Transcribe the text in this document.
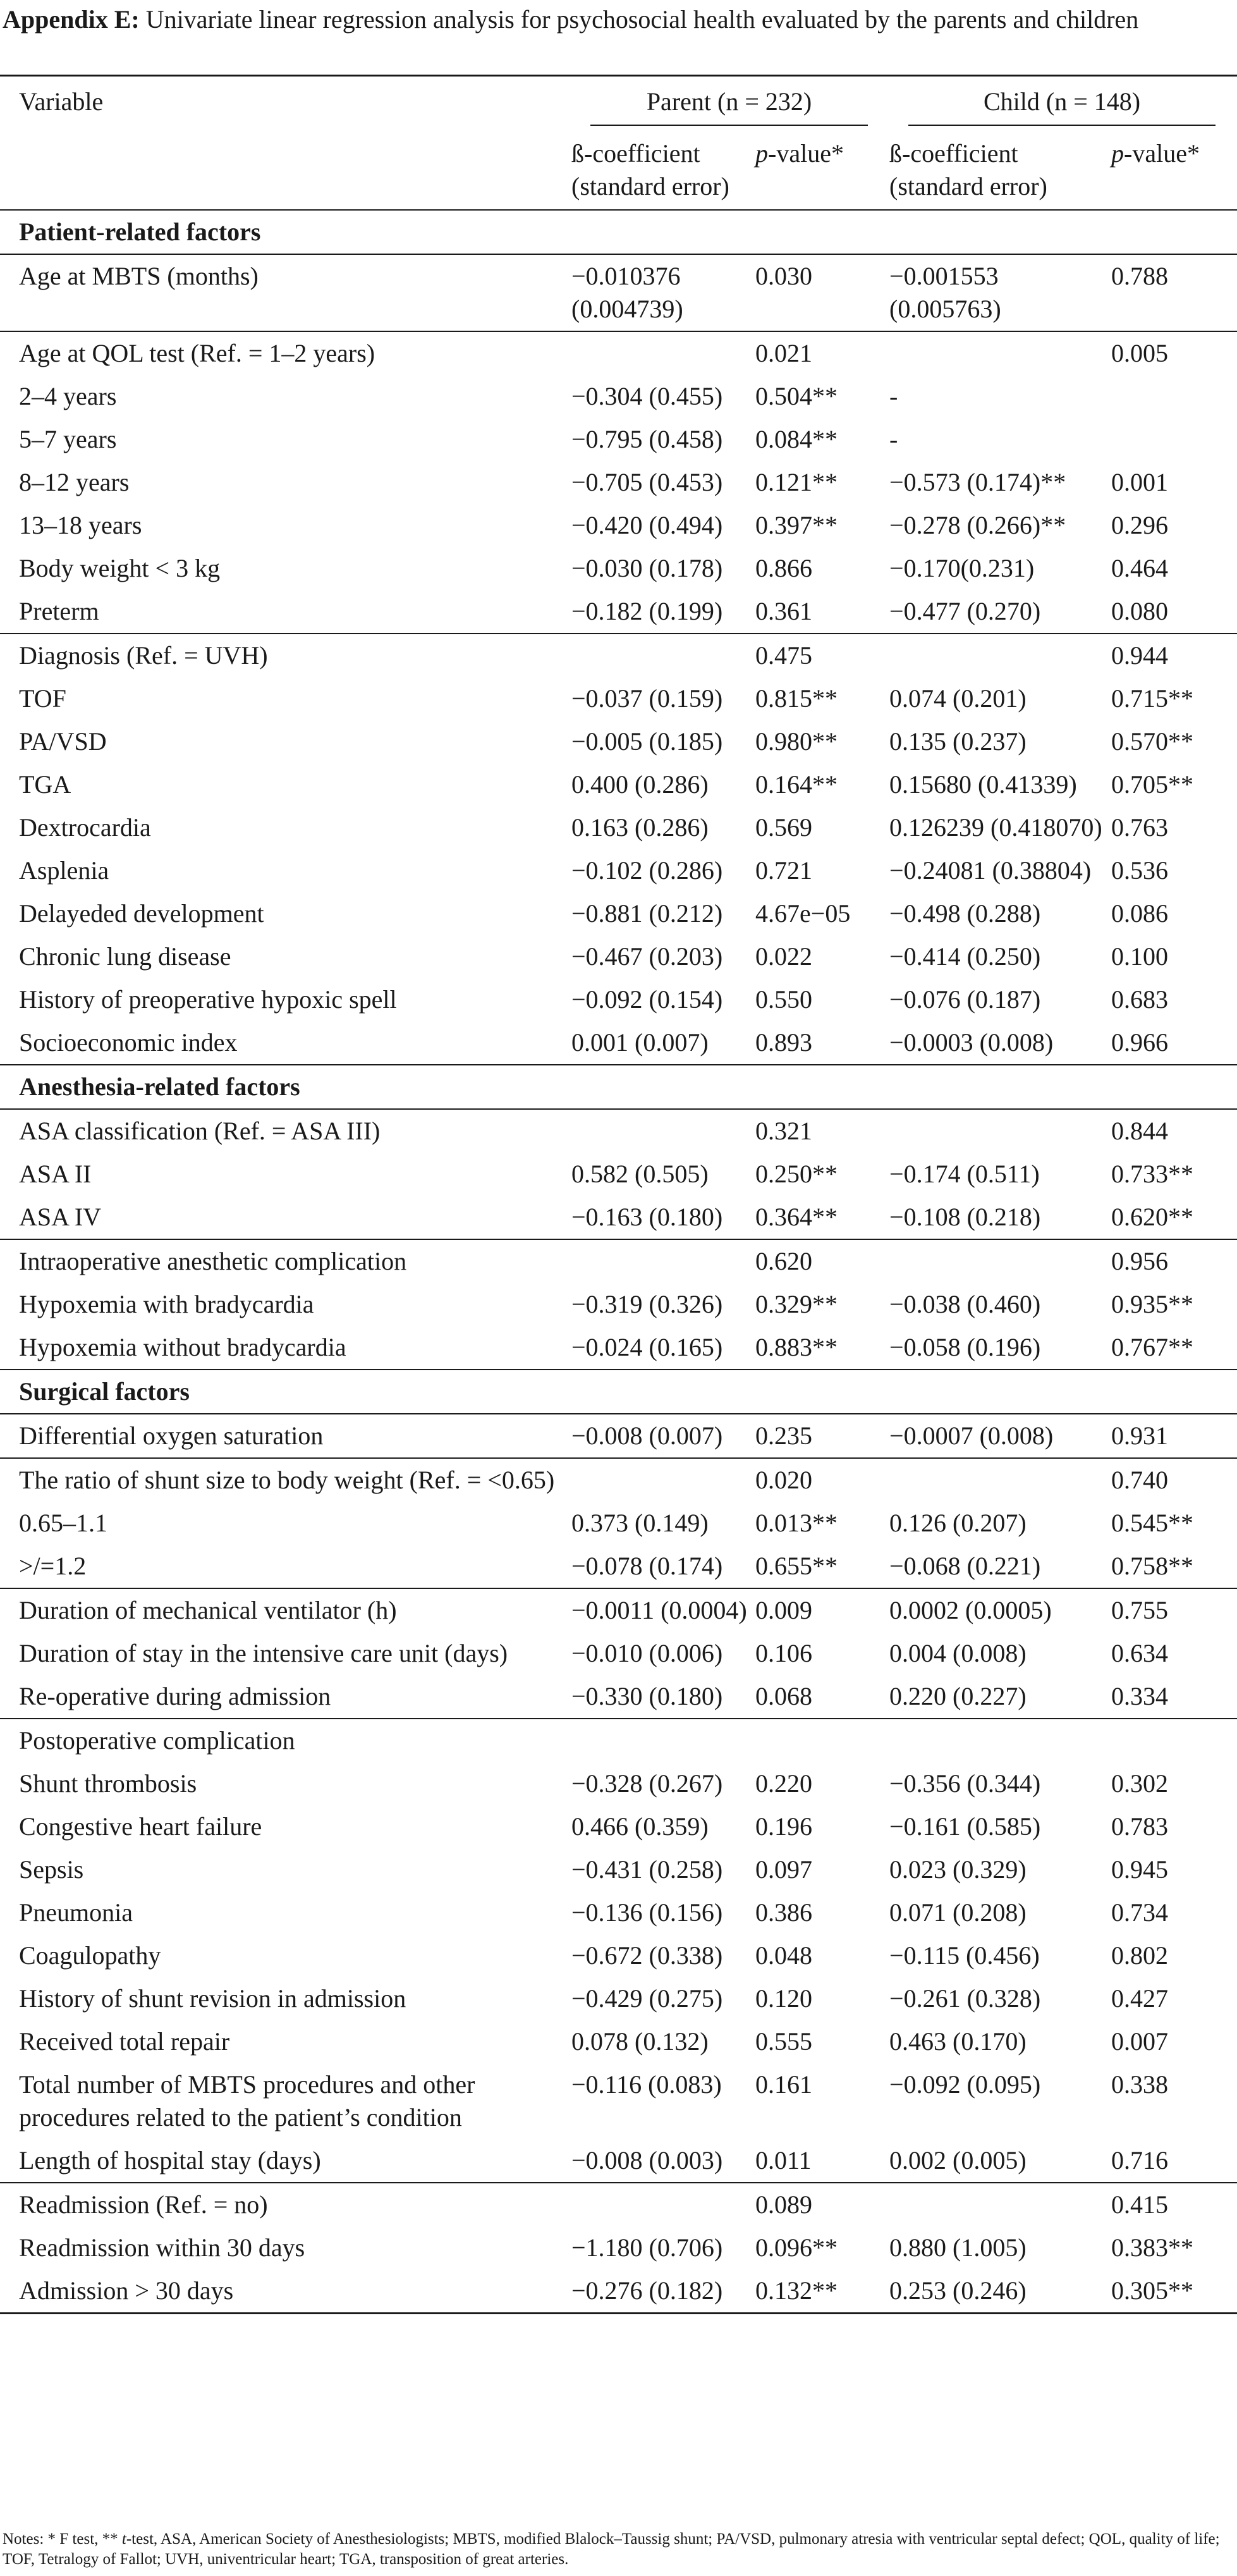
Appendix E: Univariate linear regression analysis for psychosocial health evaluated by the parents and children
Variable	Parent (n = 232)		Child (n = 148)	

	ß-coefficient (standard error)	p-value*	ß-coefficient (standard error)	p-value*
Patient-related factors				
Age at MBTS (months)	−0.010376 (0.004739)	0.030	−0.001553 (0.005763)	0.788
Age at QOL test (Ref. = 1–2 years)		0.021		0.005
2–4 years	−0.304 (0.455)	0.504**	-	
5–7 years	−0.795 (0.458)	0.084**	-	
8–12 years	−0.705 (0.453)	0.121**	−0.573 (0.174)**	0.001
13–18 years	−0.420 (0.494)	0.397**	−0.278 (0.266)**	0.296
Body weight < 3 kg	−0.030 (0.178)	0.866	−0.170(0.231)	0.464
Preterm	−0.182 (0.199)	0.361	−0.477 (0.270)	0.080
Diagnosis (Ref. = UVH)		0.475		0.944
TOF	−0.037 (0.159)	0.815**	0.074 (0.201)	0.715**
PA/VSD	−0.005 (0.185)	0.980**	0.135 (0.237)	0.570**
TGA	0.400 (0.286)	0.164**	0.15680 (0.41339)	0.705**
Dextrocardia	0.163 (0.286)	0.569	0.126239 (0.418070)	0.763
Asplenia	−0.102 (0.286)	0.721	−0.24081 (0.38804)	0.536
Delayeded development	−0.881 (0.212)	4.67e−05	−0.498 (0.288)	0.086
Chronic lung disease	−0.467 (0.203)	0.022	−0.414 (0.250)	0.100
History of preoperative hypoxic spell	−0.092 (0.154)	0.550	−0.076 (0.187)	0.683
Socioeconomic index	0.001 (0.007)	0.893	−0.0003 (0.008)	0.966
Anesthesia-related factors				
ASA classification (Ref. = ASA III)		0.321		0.844
ASA II	0.582 (0.505)	0.250**	−0.174 (0.511)	0.733**
ASA IV	−0.163 (0.180)	0.364**	−0.108 (0.218)	0.620**
Intraoperative anesthetic complication		0.620		0.956
Hypoxemia with bradycardia	−0.319 (0.326)	0.329**	−0.038 (0.460)	0.935**
Hypoxemia without bradycardia	−0.024 (0.165)	0.883**	−0.058 (0.196)	0.767**
Surgical factors				
Differential oxygen saturation	−0.008 (0.007)	0.235	−0.0007 (0.008)	0.931
The ratio of shunt size to body weight (Ref. = <0.65)		0.020		0.740
0.65–1.1	0.373 (0.149)	0.013**	0.126 (0.207)	0.545**
>/=1.2	−0.078 (0.174)	0.655**	−0.068 (0.221)	0.758**
Duration of mechanical ventilator (h)	−0.0011 (0.0004)	0.009	0.0002 (0.0005)	0.755
Duration of stay in the intensive care unit (days)	−0.010 (0.006)	0.106	0.004 (0.008)	0.634
Re-operative during admission	−0.330 (0.180)	0.068	0.220 (0.227)	0.334
Postoperative complication				
Shunt thrombosis	−0.328 (0.267)	0.220	−0.356 (0.344)	0.302
Congestive heart failure	0.466 (0.359)	0.196	−0.161 (0.585)	0.783
Sepsis	−0.431 (0.258)	0.097	0.023 (0.329)	0.945
Pneumonia	−0.136 (0.156)	0.386	0.071 (0.208)	0.734
Coagulopathy	−0.672 (0.338)	0.048	−0.115 (0.456)	0.802
History of shunt revision in admission	−0.429 (0.275)	0.120	−0.261 (0.328)	0.427
Received total repair	0.078 (0.132)	0.555	0.463 (0.170)	0.007
Total number of MBTS procedures and other procedures related to the patient’s condition	−0.116 (0.083)	0.161	−0.092 (0.095)	0.338
Length of hospital stay (days)	−0.008 (0.003)	0.011	0.002 (0.005)	0.716
Readmission (Ref. = no)		0.089		0.415
Readmission within 30 days	−1.180 (0.706)	0.096**	0.880 (1.005)	0.383**
Admission > 30 days	−0.276 (0.182)	0.132**	0.253 (0.246)	0.305**
Notes: * F test, ** t-test, ASA, American Society of Anesthesiologists; MBTS, modified Blalock–Taussig shunt; PA/VSD, pulmonary atresia with ventricular septal defect; QOL, quality of life; TOF, Tetralogy of Fallot; UVH, univentricular heart; TGA, transposition of great arteries.
